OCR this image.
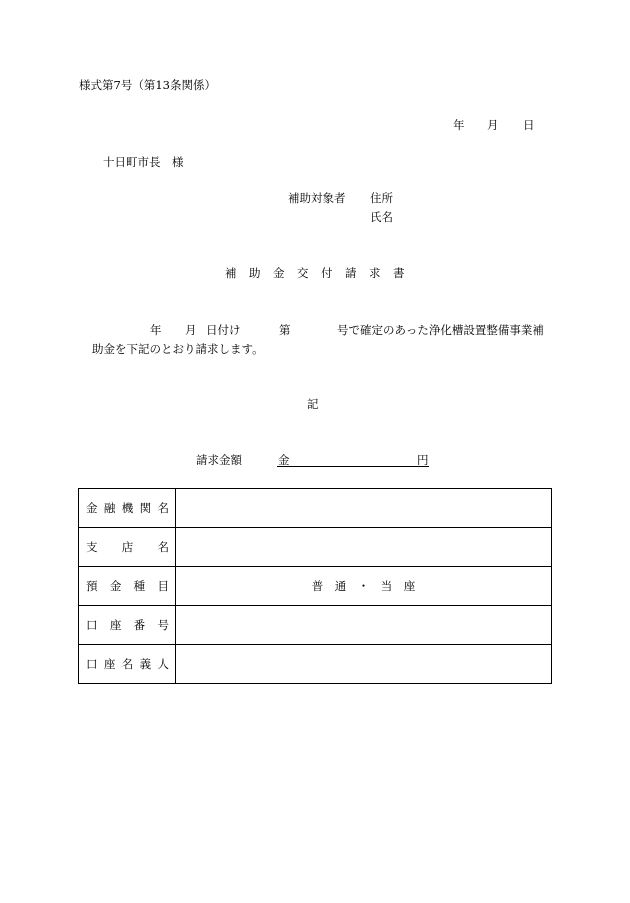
様式第7号（第13条関係）
年 月 日
十日町市長　様
補助対象者 住所
氏名
補 助 金 交 付 請 求 書
年 月 日付け	第	号で確定のあった浄化槽設置整備事業補
助金を下記のとおり請求します。
記
請求金額	金	円
金 融 機 関 名	

支 店 名	

預 金 種 目	普　通　・　当　座

口 座 番 号	

口 座 名 義 人	
